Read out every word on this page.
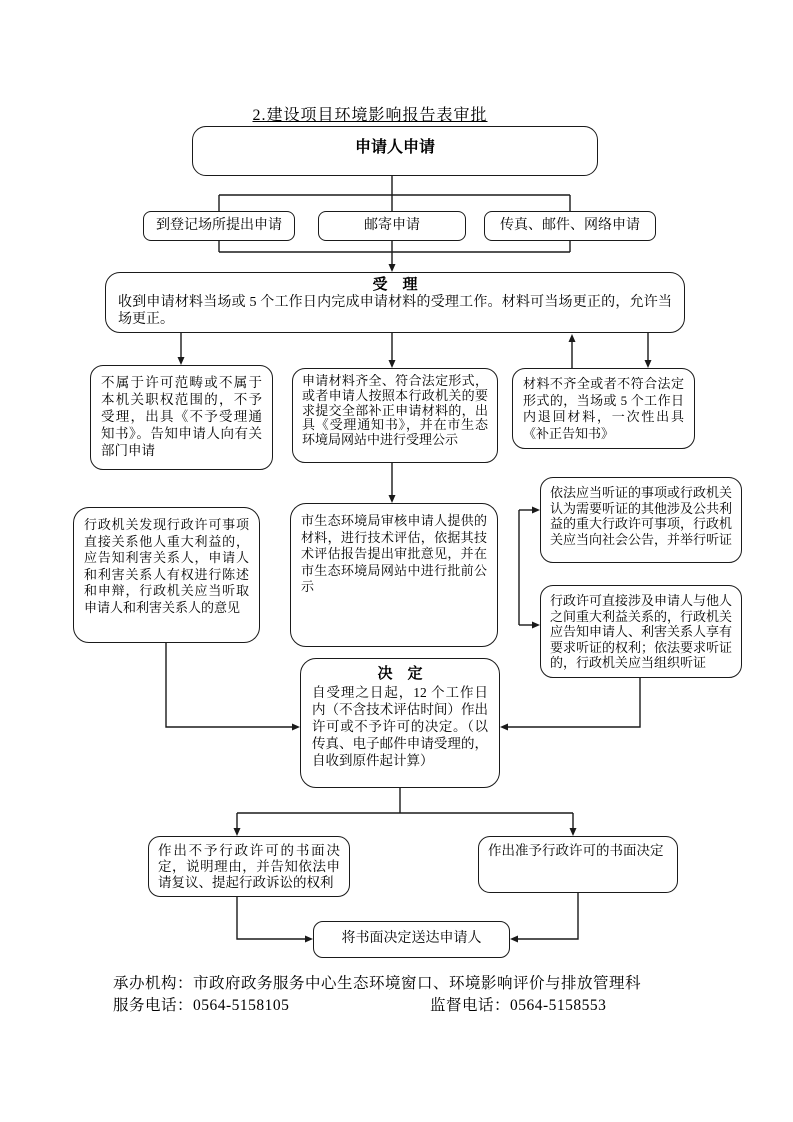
2.建设项目环境影响报告表审批
申请人申请
到登记场所提出申请	邮寄申请	传真、邮件、网络申请
受　理
收到申请材料当场或 5 个工作日内完成申请材料的受理工作。材料可当场更正的，允许当场更正。
不属于许可范畴或不属于本机关职权范围的，不予受理，出具《不予受理通知书》。告知申请人向有关部门申请
申请材料齐全、符合法定形式，或者申请人按照本行政机关的要求提交全部补正申请材料的，出具《受理通知书》，并在市生态环境局网站中进行受理公示
材料不齐全或者不符合法定形式的，当场或 5 个工作日内退回材料，一次性出具《补正告知书》
行政机关发现行政许可事项直接关系他人重大利益的，应告知利害关系人，申请人和利害关系人有权进行陈述和申辩，行政机关应当听取申请人和利害关系人的意见
市生态环境局审核申请人提供的材料，进行技术评估，依据其技术评估报告提出审批意见，并在市生态环境局网站中进行批前公示
依法应当听证的事项或行政机关认为需要听证的其他涉及公共利益的重大行政许可事项，行政机关应当向社会公告，并举行听证
行政许可直接涉及申请人与他人之间重大利益关系的，行政机关应告知申请人、利害关系人享有要求听证的权利；依法要求听证的，行政机关应当组织听证
决　定
自受理之日起，12 个工作日内（不含技术评估时间）作出许可或不予许可的决定。（以传真、电子邮件申请受理的，自收到原件起计算）
作出不予行政许可的书面决定，说明理由，并告知依法申请复议、提起行政诉讼的权利
作出准予行政许可的书面决定
将书面决定送达申请人
承办机构：市政府政务服务中心生态环境窗口、环境影响评价与排放管理科
服务电话：0564-5158105	监督电话：0564-5158553
